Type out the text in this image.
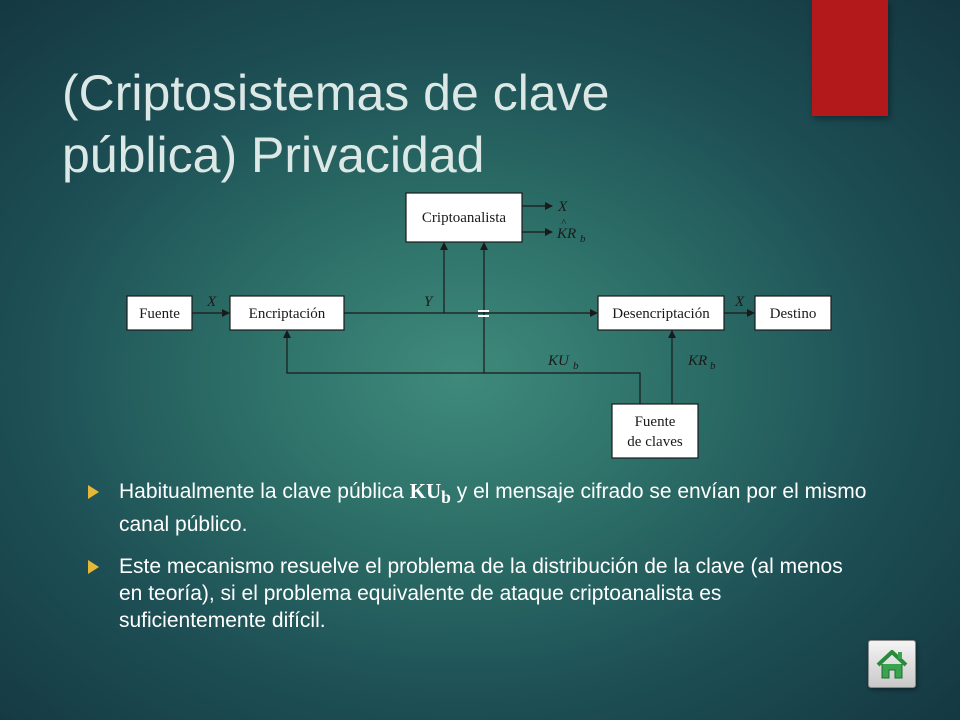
(Criptosistemas de clave
pública) Privacidad
Fuente	Encriptación
Criptoanalista
Desencriptación	Destino
Fuente
de claves
X	Y	X
X
^
KR b
KU b	KR b
Habitualmente la clave pública $KU_b$ y el mensaje cifrado se envían por el mismo canal público.
Este mecanismo resuelve el problema de la distribución de la clave (al menos en teoría), si el problema equivalente de ataque criptoanalista es suficientemente difícil.
